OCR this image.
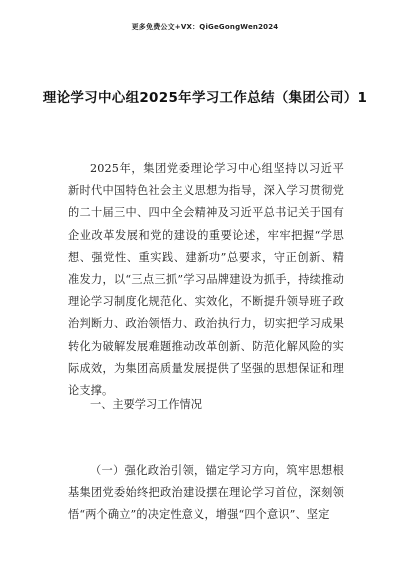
更多免费公文+VX：QiGeGongWen2024
理论学习中心组2025年学习工作总结（集团公司）1

2025年，集团党委理论学习中心组坚持以习近平新时代中国特色社会主义思想为指导，深入学习贯彻党的二十届三中、四中全会精神及习近平总书记关于国有企业改革发展和党的建设的重要论述，牢牢把握“学思想、强党性、重实践、建新功”总要求，守正创新、精准发力，以“三点三抓”学习品牌建设为抓手，持续推动理论学习制度化规范化、实效化，不断提升领导班子政治判断力、政治领悟力、政治执行力，切实把学习成果转化为破解发展难题推动改革创新、防范化解风险的实际成效，为集团高质量发展提供了坚强的思想保证和理论支撑。

一、主要学习工作情况

（一）强化政治引领，锚定学习方向，筑牢思想根基集团党委始终把政治建设摆在理论学习首位，深刻领悟“两个确立”的决定性意义，增强“四个意识”、坚定
